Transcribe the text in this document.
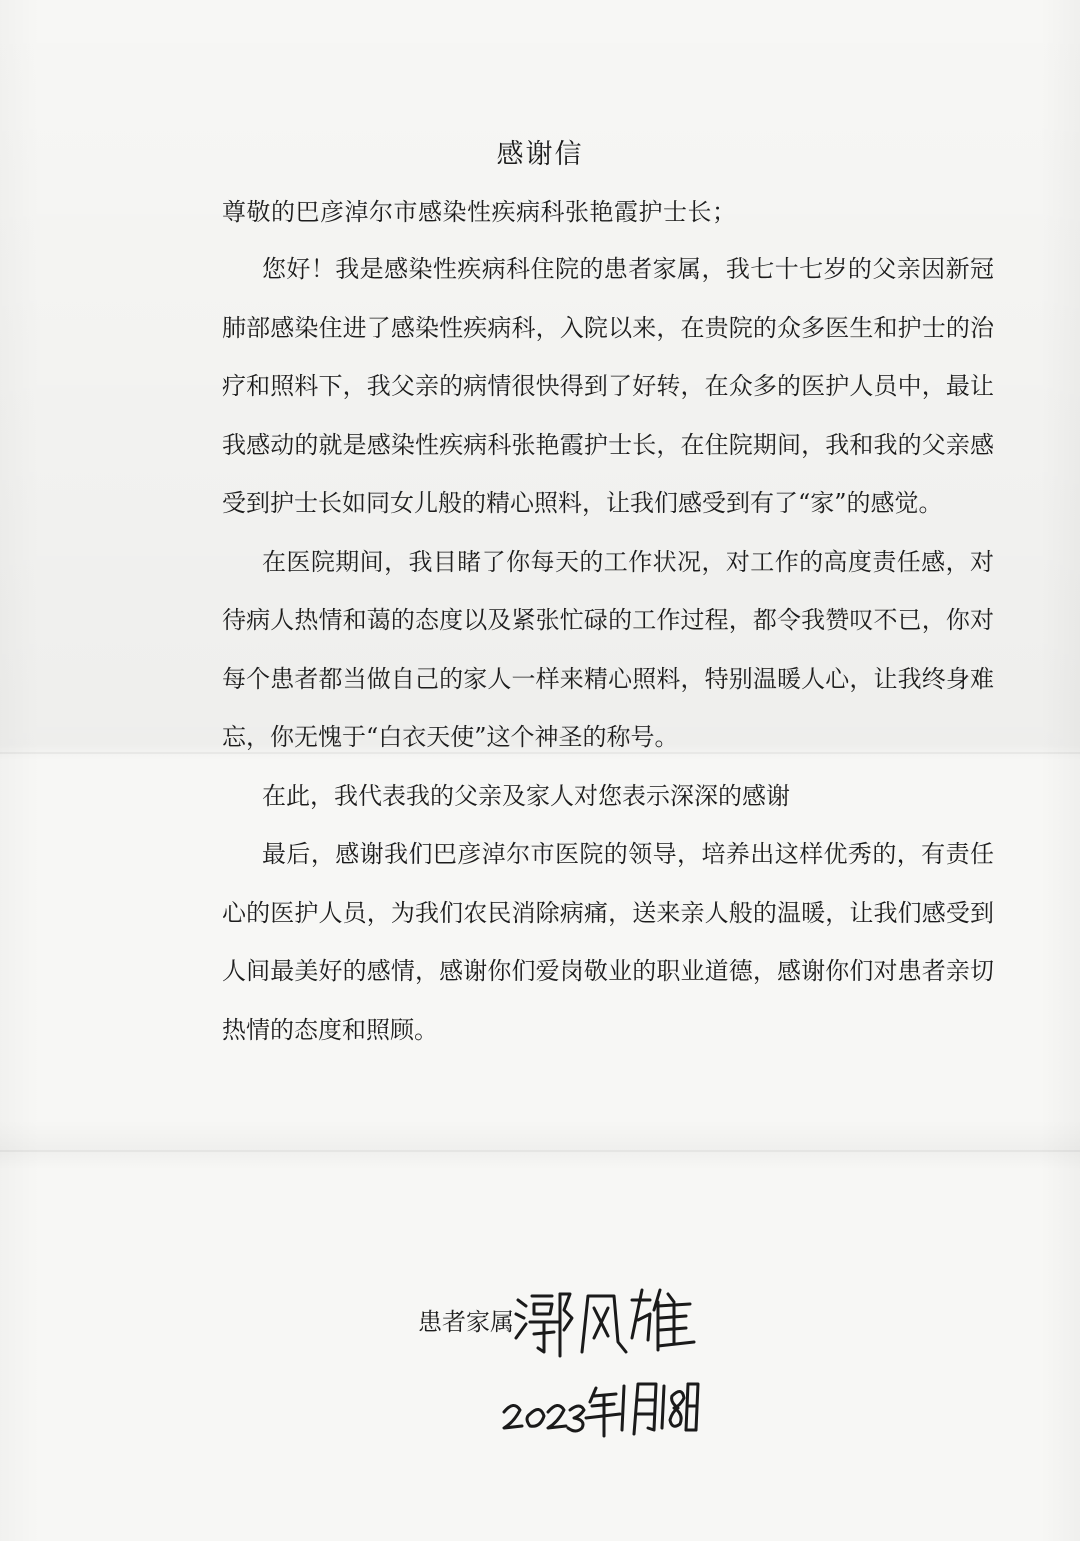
感谢信
尊敬的巴彦淖尔市感染性疾病科张艳霞护士长；

您好！我是感染性疾病科住院的患者家属，我七十七岁的父亲因新冠肺部感染住进了感染性疾病科，入院以来，在贵院的众多医生和护士的治疗和照料下，我父亲的病情很快得到了好转，在众多的医护人员中，最让我感动的就是感染性疾病科张艳霞护士长，在住院期间，我和我的父亲感受到护士长如同女儿般的精心照料，让我们感受到有了“家”的感觉。

在医院期间，我目睹了你每天的工作状况，对工作的高度责任感，对待病人热情和蔼的态度以及紧张忙碌的工作过程，都令我赞叹不已，你对每个患者都当做自己的家人一样来精心照料，特别温暖人心，让我终身难忘，你无愧于“白衣天使”这个神圣的称号。

在此，我代表我的父亲及家人对您表示深深的感谢

最后，感谢我们巴彦淖尔市医院的领导，培养出这样优秀的，有责任心的医护人员，为我们农民消除病痛，送来亲人般的温暖，让我们感受到人间最美好的感情，感谢你们爱岗敬业的职业道德，感谢你们对患者亲切热情的态度和照顾。

患者家属
